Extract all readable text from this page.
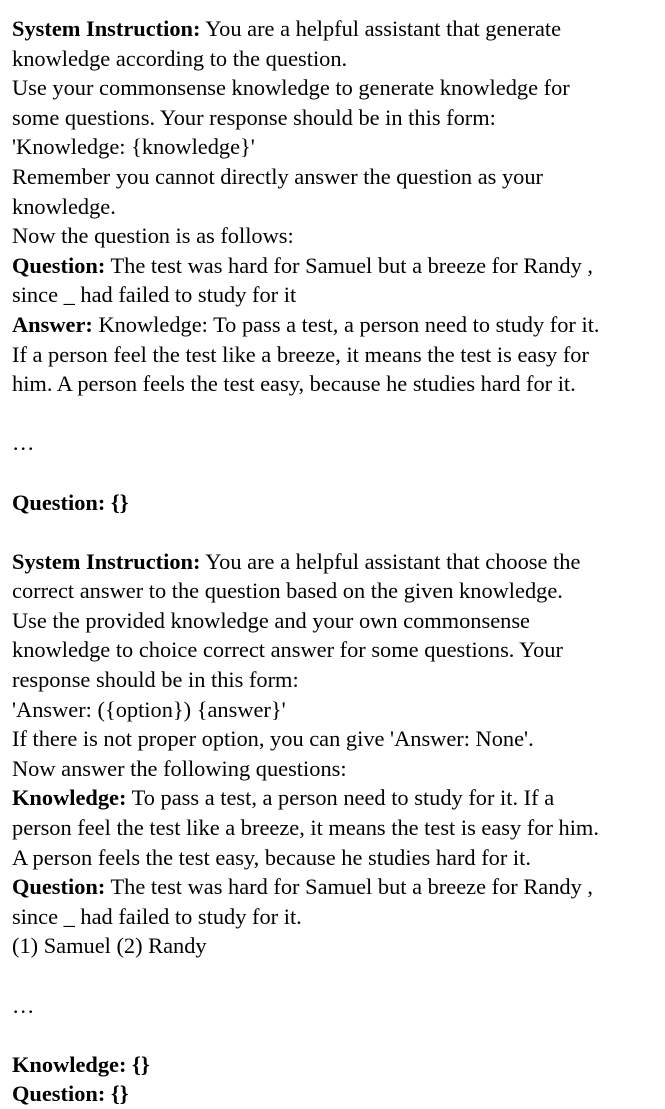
System Instruction: You are a helpful assistant that generate
knowledge according to the question.
Use your commonsense knowledge to generate knowledge for
some questions. Your response should be in this form:
'Knowledge: {knowledge}'
Remember you cannot directly answer the question as your
knowledge.
Now the question is as follows:
Question: The test was hard for Samuel but a breeze for Randy ,
since _ had failed to study for it
Answer: Knowledge: To pass a test, a person need to study for it.
If a person feel the test like a breeze, it means the test is easy for
him. A person feels the test easy, because he studies hard for it.
…
Question: {}
System Instruction: You are a helpful assistant that choose the
correct answer to the question based on the given knowledge.
Use the provided knowledge and your own commonsense
knowledge to choice correct answer for some questions. Your
response should be in this form:
'Answer: ({option}) {answer}'
If there is not proper option, you can give 'Answer: None'.
Now answer the following questions:
Knowledge: To pass a test, a person need to study for it. If a
person feel the test like a breeze, it means the test is easy for him.
A person feels the test easy, because he studies hard for it.
Question: The test was hard for Samuel but a breeze for Randy ,
since _ had failed to study for it.
(1) Samuel (2) Randy
…
Knowledge: {}
Question: {}
